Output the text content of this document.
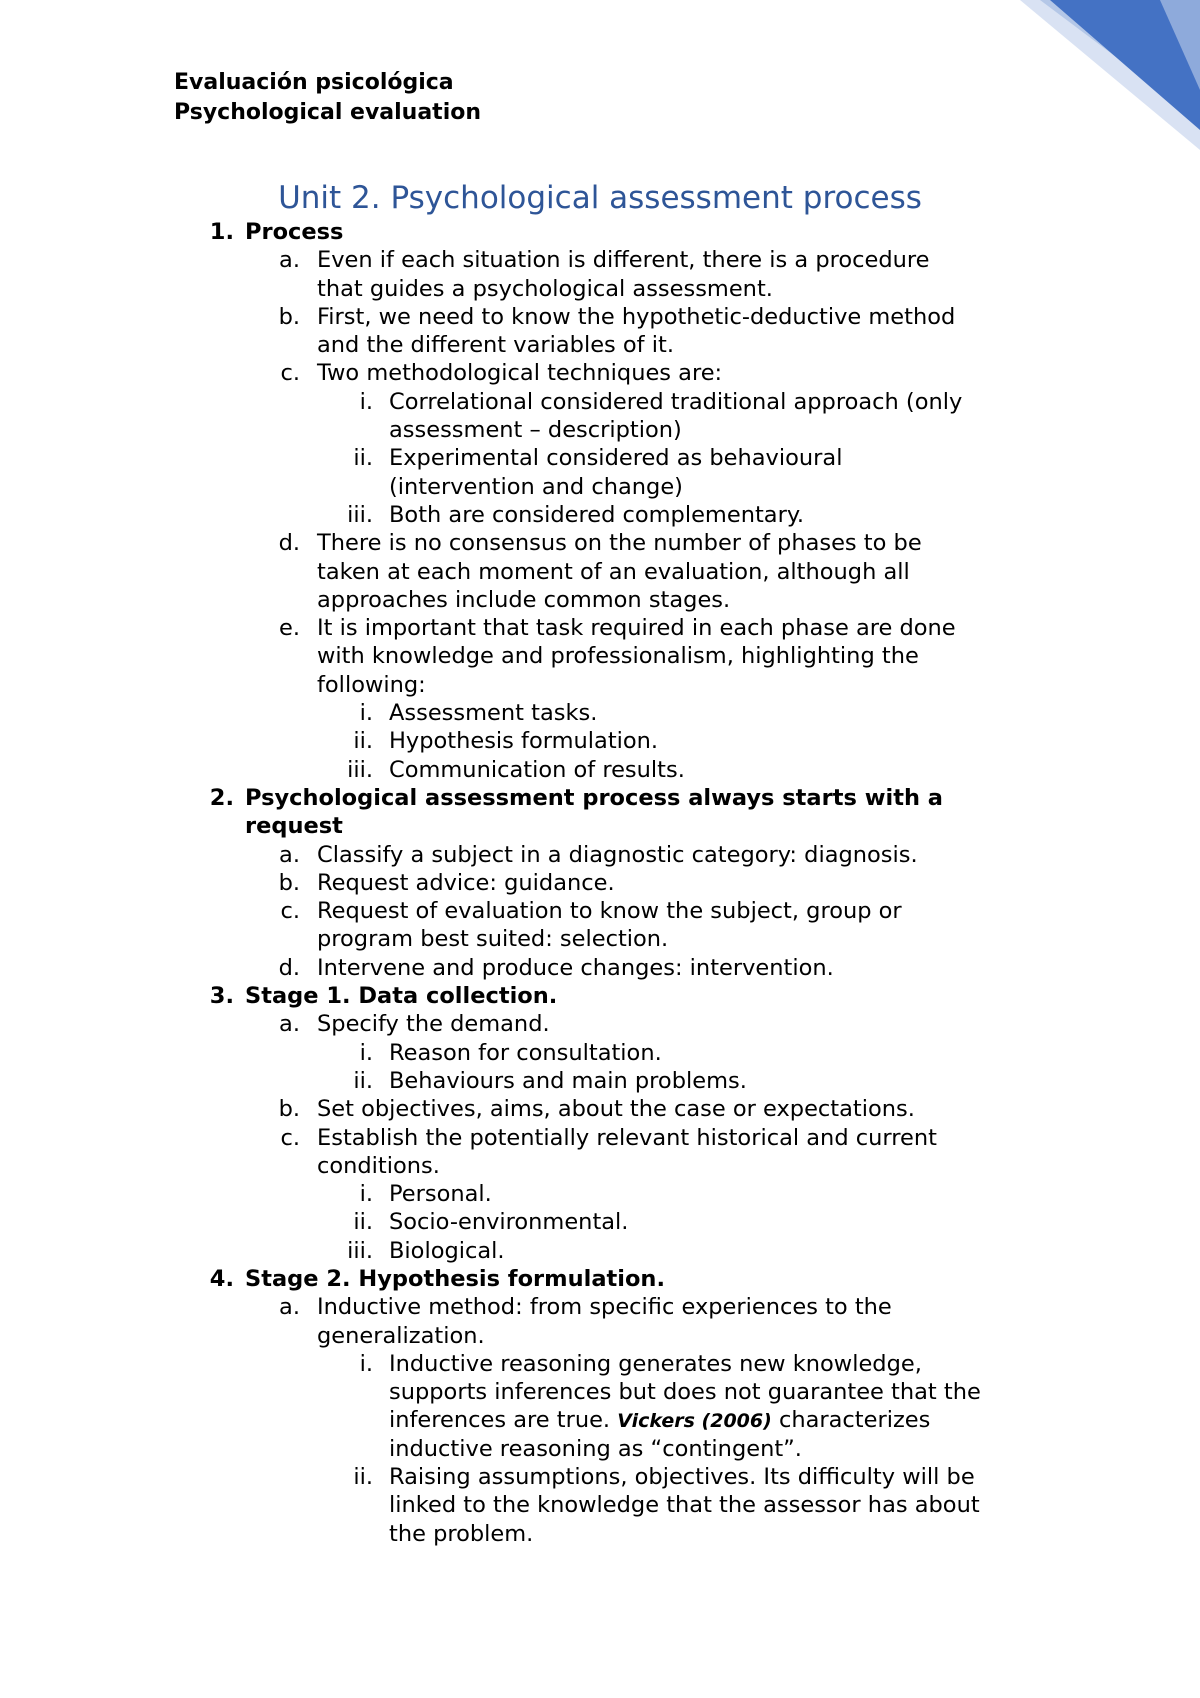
Evaluación psicológica
Psychological evaluation
Unit 2. Psychological assessment process
1. Process
a. Even if each situation is different, there is a procedure
that guides a psychological assessment.
b. First, we need to know the hypothetic-deductive method
and the different variables of it.
c. Two methodological techniques are:
i. Correlational considered traditional approach (only
assessment – description)
ii. Experimental considered as behavioural
(intervention and change)
iii. Both are considered complementary.
d. There is no consensus on the number of phases to be
taken at each moment of an evaluation, although all
approaches include common stages.
e. It is important that task required in each phase are done
with knowledge and professionalism, highlighting the
following:
i. Assessment tasks.
ii. Hypothesis formulation.
iii. Communication of results.
2. Psychological assessment process always starts with a
request
a. Classify a subject in a diagnostic category: diagnosis.
b. Request advice: guidance.
c. Request of evaluation to know the subject, group or
program best suited: selection.
d. Intervene and produce changes: intervention.
3. Stage 1. Data collection.
a. Specify the demand.
i. Reason for consultation.
ii. Behaviours and main problems.
b. Set objectives, aims, about the case or expectations.
c. Establish the potentially relevant historical and current
conditions.
i. Personal.
ii. Socio-environmental.
iii. Biological.
4. Stage 2. Hypothesis formulation.
a. Inductive method: from specific experiences to the
generalization.
i. Inductive reasoning generates new knowledge,
supports inferences but does not guarantee that the
inferences are true. Vickers (2006) characterizes
inductive reasoning as “contingent”.
ii. Raising assumptions, objectives. Its difficulty will be
linked to the knowledge that the assessor has about
the problem.
